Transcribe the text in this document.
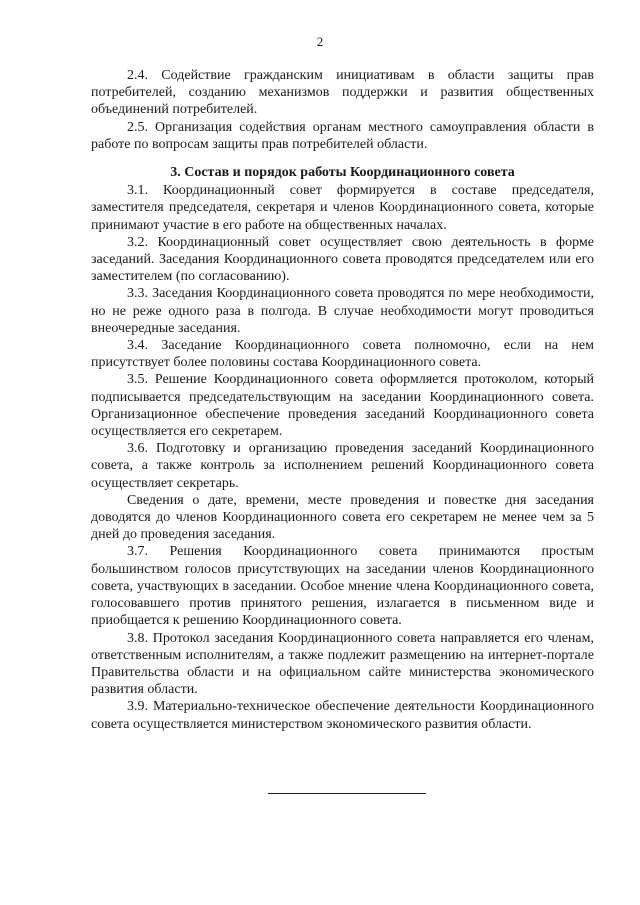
2

2.4. Содействие гражданским инициативам в области защиты прав потребителей, созданию механизмов поддержки и развития общественных объединений потребителей.

2.5. Организация содействия органам местного самоуправления области в работе по вопросам защиты прав потребителей области.

3. Состав и порядок работы Координационного совета

3.1. Координационный совет формируется в составе председателя, заместителя председателя, секретаря и членов Координационного совета, которые принимают участие в его работе на общественных началах.

3.2. Координационный совет осуществляет свою деятельность в форме заседаний. Заседания Координационного совета проводятся председателем или его заместителем (по согласованию).

3.3. Заседания Координационного совета проводятся по мере необходимости, но не реже одного раза в полгода. В случае необходимости могут проводиться внеочередные заседания.

3.4. Заседание Координационного совета полномочно, если на нем присутствует более половины состава Координационного совета.

3.5. Решение Координационного совета оформляется протоколом, который подписывается председательствующим на заседании Координационного совета. Организационное обеспечение проведения заседаний Координационного совета осуществляется его секретарем.

3.6. Подготовку и организацию проведения заседаний Координационного совета, а также контроль за исполнением решений Координационного совета осуществляет секретарь.

Сведения о дате, времени, месте проведения и повестке дня заседания доводятся до членов Координационного совета его секретарем не менее чем за 5 дней до проведения заседания.

3.7. Решения Координационного совета принимаются простым большинством голосов присутствующих на заседании членов Координационного совета, участвующих в заседании. Особое мнение члена Координационного совета, голосовавшего против принятого решения, излагается в письменном виде и приобщается к решению Координационного совета.

3.8. Протокол заседания Координационного совета направляется его членам, ответственным исполнителям, а также подлежит размещению на интернет-портале Правительства области и на официальном сайте министерства экономического развития области.

3.9. Материально-техническое обеспечение деятельности Координационного совета осуществляется министерством экономического развития области.
